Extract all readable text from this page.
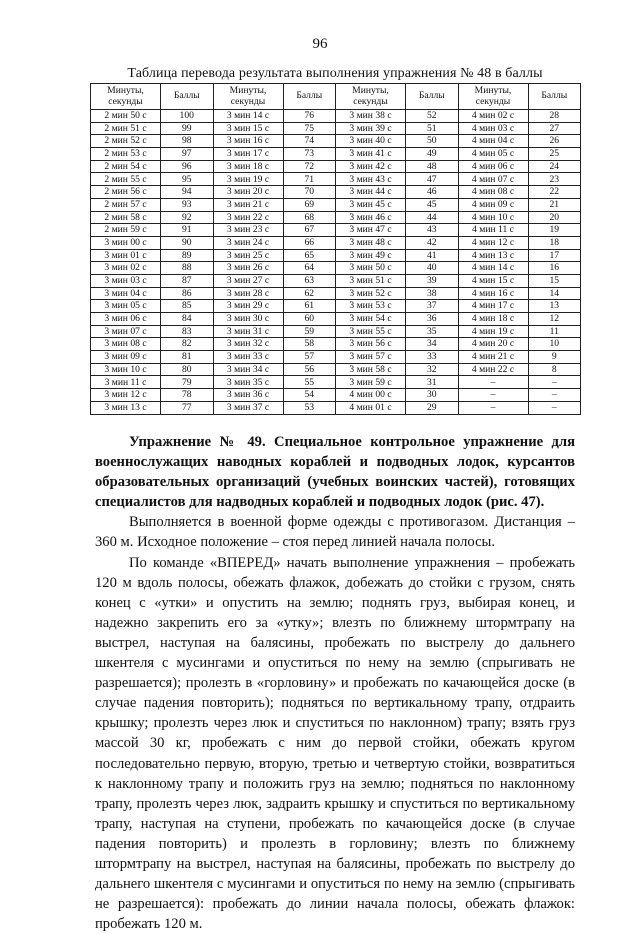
96
Таблица перевода результата выполнения упражнения № 48 в баллы
Минуты, секунды	Баллы	Минуты, секунды	Баллы	Минуты, секунды	Баллы	Минуты, секунды	Баллы
2 мин 50 с	100	3 мин 14 с	76	3 мин 38 с	52	4 мин 02 с	28
2 мин 51 с	99	3 мин 15 с	75	3 мин 39 с	51	4 мин 03 с	27
2 мин 52 с	98	3 мин 16 с	74	3 мин 40 с	50	4 мин 04 с	26
2 мин 53 с	97	3 мин 17 с	73	3 мин 41 с	49	4 мин 05 с	25
2 мин 54 с	96	3 мин 18 с	72	3 мин 42 с	48	4 мин 06 с	24
2 мин 55 с	95	3 мин 19 с	71	3 мин 43 с	47	4 мин 07 с	23
2 мин 56 с	94	3 мин 20 с	70	3 мин 44 с	46	4 мин 08 с	22
2 мин 57 с	93	3 мин 21 с	69	3 мин 45 с	45	4 мин 09 с	21
2 мин 58 с	92	3 мин 22 с	68	3 мин 46 с	44	4 мин 10 с	20
2 мин 59 с	91	3 мин 23 с	67	3 мин 47 с	43	4 мин 11 с	19
3 мин 00 с	90	3 мин 24 с	66	3 мин 48 с	42	4 мин 12 с	18
3 мин 01 с	89	3 мин 25 с	65	3 мин 49 с	41	4 мин 13 с	17
3 мин 02 с	88	3 мин 26 с	64	3 мин 50 с	40	4 мин 14 с	16
3 мин 03 с	87	3 мин 27 с	63	3 мин 51 с	39	4 мин 15 с	15
3 мин 04 с	86	3 мин 28 с	62	3 мин 52 с	38	4 мин 16 с	14
3 мин 05 с	85	3 мин 29 с	61	3 мин 53 с	37	4 мин 17 с	13
3 мин 06 с	84	3 мин 30 с	60	3 мин 54 с	36	4 мин 18 с	12
3 мин 07 с	83	3 мин 31 с	59	3 мин 55 с	35	4 мин 19 с	11
3 мин 08 с	82	3 мин 32 с	58	3 мин 56 с	34	4 мин 20 с	10
3 мин 09 с	81	3 мин 33 с	57	3 мин 57 с	33	4 мин 21 с	9
3 мин 10 с	80	3 мин 34 с	56	3 мин 58 с	32	4 мин 22 с	8
3 мин 11 с	79	3 мин 35 с	55	3 мин 59 с	31	–	–
3 мин 12 с	78	3 мин 36 с	54	4 мин 00 с	30	–	–
3 мин 13 с	77	3 мин 37 с	53	4 мин 01 с	29	–	–

Упражнение № 49. Специальное контрольное упражнение для военнослужащих наводных кораблей и подводных лодок, курсантов образовательных организаций (учебных воинских частей), готовящих специалистов для надводных кораблей и подводных лодок (рис. 47).

Выполняется в военной форме одежды с противогазом. Дистанция – 360 м. Исходное положение – стоя перед линией начала полосы.

По команде «ВПЕРЕД» начать выполнение упражнения – пробежать 120 м вдоль полосы, обежать флажок, добежать до стойки с грузом, снять конец с «утки» и опустить на землю; поднять груз, выбирая конец, и надежно закрепить его за «утку»; влезть по ближнему штормтрапу на выстрел, наступая на балясины, пробежать по выстрелу до дальнего шкентеля с мусингами и опуститься по нему на землю (спрыгивать не разрешается); пролезть в «горловину» и пробежать по качающейся доске (в случае падения повторить); подняться по вертикальному трапу, отдраить крышку; пролезть через люк и спуститься по наклонном) трапу; взять груз массой 30 кг, пробежать с ним до первой стойки, обежать кругом последовательно первую, вторую, третью и четвертую стойки, возвратиться к наклонному трапу и положить груз на землю; подняться по наклонному трапу, пролезть через люк, задраить крышку и спуститься по вертикальному трапу, наступая на ступени, пробежать по качающейся доске (в случае падения повторить) и пролезть в горловину; влезть по ближнему штормтрапу на выстрел, наступая на балясины, пробежать по выстрелу до дальнего шкентеля с мусингами и опуститься по нему на землю (спрыгивать не разрешается): пробежать до линии начала полосы, обежать флажок: пробежать 120 м.
